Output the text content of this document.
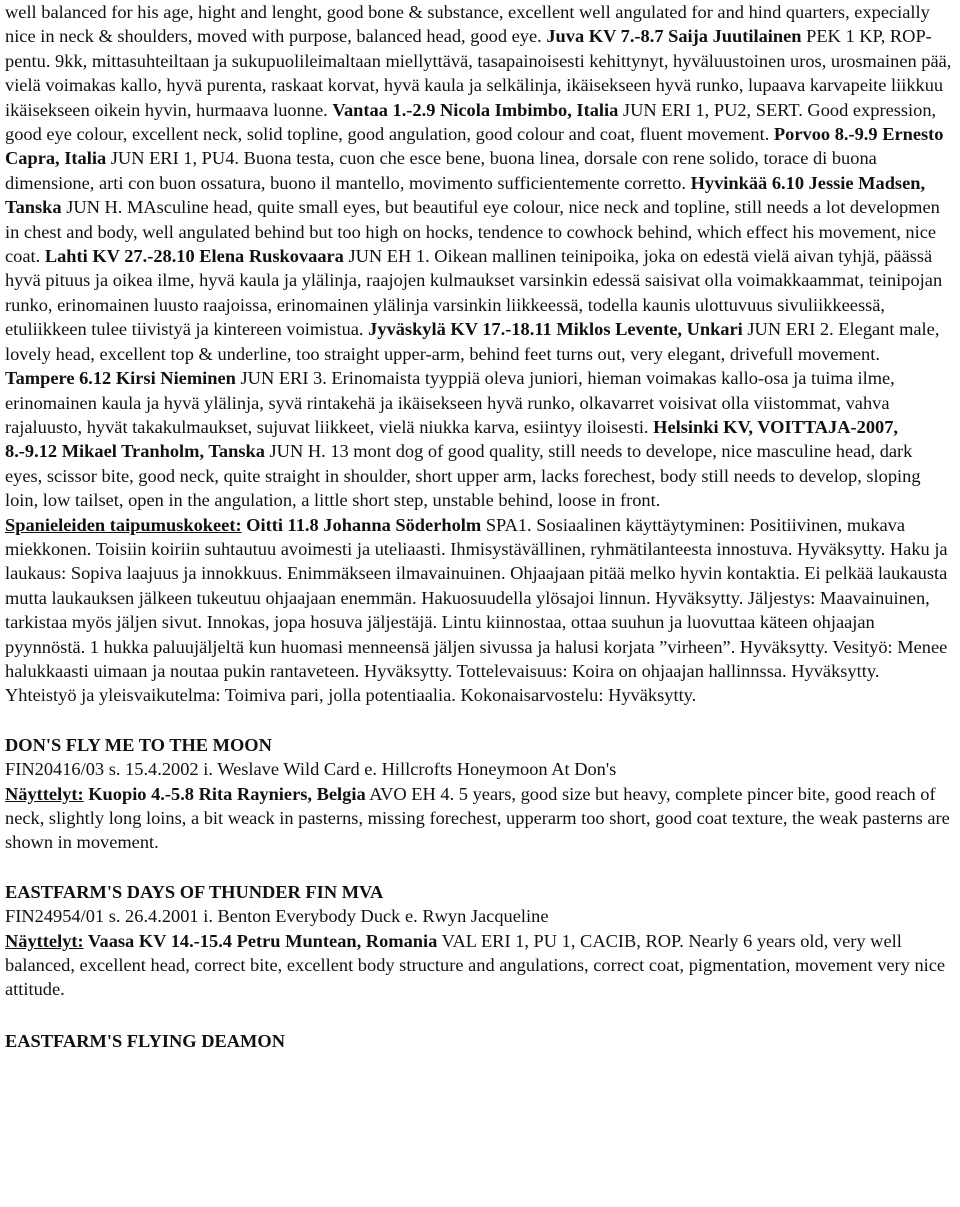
well balanced for his age, hight and lenght, good bone & substance, excellent well angulated for and hind quarters, expecially nice in neck & shoulders, moved with purpose, balanced head, good eye. Juva KV 7.-8.7 Saija Juutilainen PEK 1 KP, ROP-pentu. 9kk, mittasuhteiltaan ja sukupuolileimaltaan miellyttävä, tasapainoisesti kehittynyt, hyväluustoinen uros, urosmainen pää, vielä voimakas kallo, hyvä purenta, raskaat korvat, hyvä kaula ja selkälinja, ikäisekseen hyvä runko, lupaava karvapeite liikkuu ikäisekseen oikein hyvin, hurmaava luonne. Vantaa 1.-2.9 Nicola Imbimbo, Italia JUN ERI 1, PU2, SERT. Good expression, good eye colour, excellent neck, solid topline, good angulation, good colour and coat, fluent movement. Porvoo 8.-9.9 Ernesto Capra, Italia JUN ERI 1, PU4. Buona testa, cuon che esce bene, buona linea, dorsale con rene solido, torace di buona dimensione, arti con buon ossatura, buono il mantello, movimento sufficientemente corretto. Hyvinkää 6.10 Jessie Madsen, Tanska JUN H. MAsculine head, quite small eyes, but beautiful eye colour, nice neck and topline, still needs a lot developmen in chest and body, well angulated behind but too high on hocks, tendence to cowhock behind, which effect his movement, nice coat. Lahti KV 27.-28.10 Elena Ruskovaara JUN EH 1. Oikean mallinen teinipoika, joka on edestä vielä aivan tyhjä, päässä hyvä pituus ja oikea ilme, hyvä kaula ja ylälinja, raajojen kulmaukset varsinkin edessä saisivat olla voimakkaammat, teinipojan runko, erinomainen luusto raajoissa, erinomainen ylälinja varsinkin liikkeessä, todella kaunis ulottuvuus sivuliikkeessä, etuliikkeen tulee tiivistyä ja kintereen voimistua. Jyväskylä KV 17.-18.11 Miklos Levente, Unkari JUN ERI 2. Elegant male, lovely head, excellent top & underline, too straight upper-arm, behind feet turns out, very elegant, drivefull movement. Tampere 6.12 Kirsi Nieminen JUN ERI 3. Erinomaista tyyppiä oleva juniori, hieman voimakas kallo-osa ja tuima ilme, erinomainen kaula ja hyvä ylälinja, syvä rintakehä ja ikäisekseen hyvä runko, olkavarret voisivat olla viistommat, vahva rajaluusto, hyvät takakulmaukset, sujuvat liikkeet, vielä niukka karva, esiintyy iloisesti. Helsinki KV, VOITTAJA-2007, 8.-9.12 Mikael Tranholm, Tanska JUN H. 13 mont dog of good quality, still needs to develope, nice masculine head, dark eyes, scissor bite, good neck, quite straight in shoulder, short upper arm, lacks forechest, body still needs to develop, sloping loin, low tailset, open in the angulation, a little short step, unstable behind, loose in front.

Spanieleiden taipumuskokeet: Oitti 11.8 Johanna Söderholm SPA1. Sosiaalinen käyttäytyminen: Positiivinen, mukava miekkonen. Toisiin koiriin suhtautuu avoimesti ja uteliaasti. Ihmisystävällinen, ryhmätilanteesta innostuva. Hyväksytty. Haku ja laukaus: Sopiva laajuus ja innokkuus. Enimmäkseen ilmavainuinen. Ohjaajaan pitää melko hyvin kontaktia. Ei pelkää laukausta mutta laukauksen jälkeen tukeutuu ohjaajaan enemmän. Hakuosuudella ylösajoi linnun. Hyväksytty. Jäljestys: Maavainuinen, tarkistaa myös jäljen sivut. Innokas, jopa hosuva jäljestäjä. Lintu kiinnostaa, ottaa suuhun ja luovuttaa käteen ohjaajan pyynnöstä. 1 hukka paluujäljeltä kun huomasi menneensä jäljen sivussa ja halusi korjata ”virheen”. Hyväksytty. Vesityö: Menee halukkaasti uimaan ja noutaa pukin rantaveteen. Hyväksytty. Tottelevaisuus: Koira on ohjaajan hallinnssa. Hyväksytty. Yhteistyö ja yleisvaikutelma: Toimiva pari, jolla potentiaalia. Kokonaisarvostelu: Hyväksytty.

DON'S FLY ME TO THE MOON

FIN20416/03 s. 15.4.2002 i. Weslave Wild Card e. Hillcrofts Honeymoon At Don's

Näyttelyt: Kuopio 4.-5.8 Rita Rayniers, Belgia AVO EH 4. 5 years, good size but heavy, complete pincer bite, good reach of neck, slightly long loins, a bit weack in pasterns, missing forechest, upperarm too short, good coat texture, the weak pasterns are shown in movement.

EASTFARM'S DAYS OF THUNDER FIN MVA

FIN24954/01 s. 26.4.2001 i. Benton Everybody Duck e. Rwyn Jacqueline

Näyttelyt: Vaasa KV 14.-15.4 Petru Muntean, Romania VAL ERI 1, PU 1, CACIB, ROP. Nearly 6 years old, very well balanced, excellent head, correct bite, excellent body structure and angulations, correct coat, pigmentation, movement very nice attitude.

EASTFARM'S FLYING DEAMON
